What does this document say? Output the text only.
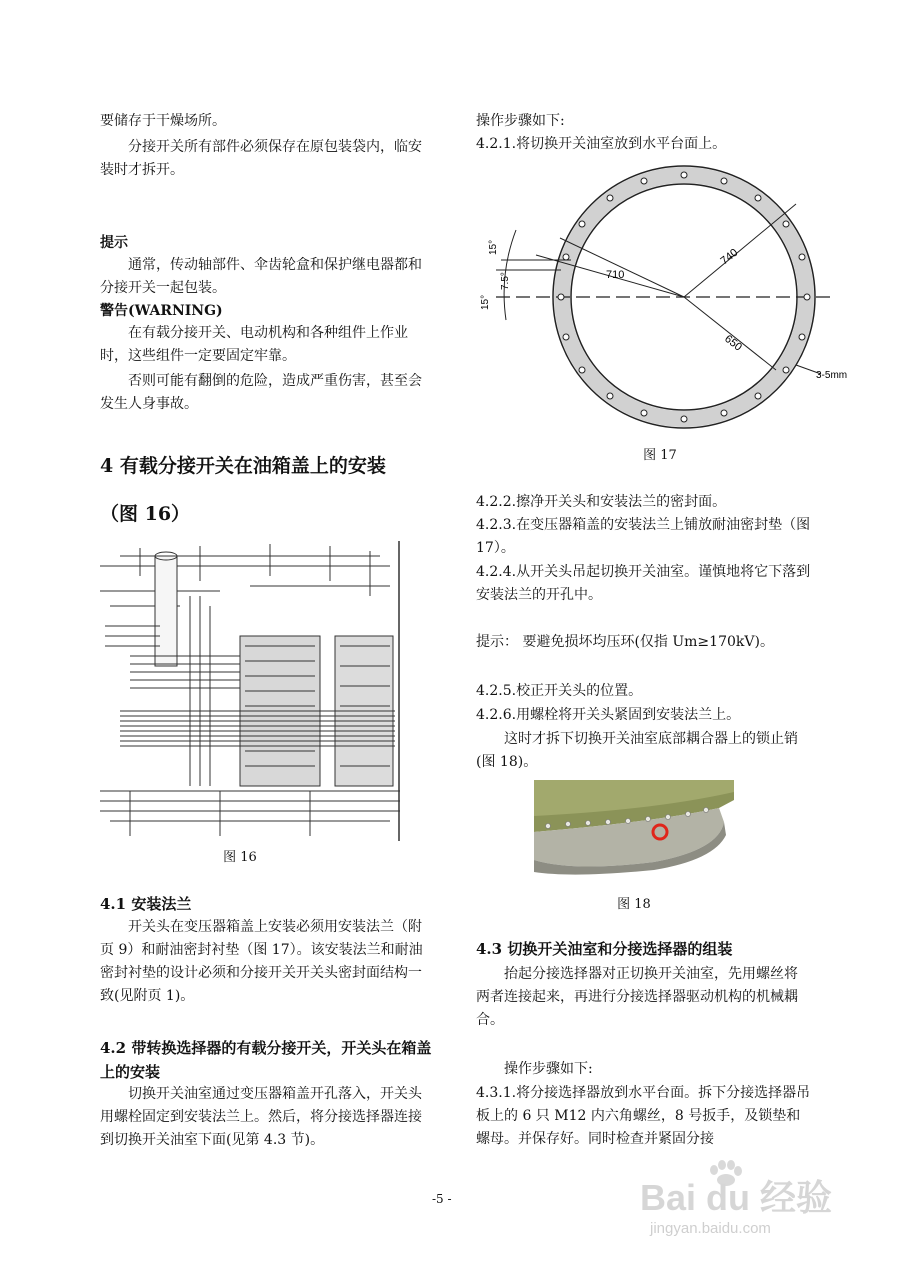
要储存于干燥场所。

分接开关所有部件必须保存在原包装袋内，临安装时才拆开。

提示

通常，传动轴部件、伞齿轮盒和保护继电器都和分接开关一起包装。

警告(WARNING)

在有载分接开关、电动机构和各种组件上作业时，这些组件一定要固定牢靠。

否则可能有翻倒的危险，造成严重伤害，甚至会发生人身事故。

4 有载分接开关在油箱盖上的安装

（图 16）

图 16

4.1 安装法兰

开关头在变压器箱盖上安装必须用安装法兰（附页 9）和耐油密封衬垫（图 17）。该安装法兰和耐油密封衬垫的设计必须和分接开关开关头密封面结构一致(见附页 1)。

4.2 带转换选择器的有载分接开关，开关头在箱盖上的安装

切换开关油室通过变压器箱盖开孔落入，开关头用螺栓固定到安装法兰上。然后，将分接选择器连接到切换开关油室下面(见第 4.3 节)。

操作步骤如下:

4.2.1.将切换开关油室放到水平台面上。

740
710
650
15°
7.5°
15°
3-5mm

图 17

4.2.2.擦净开关头和安装法兰的密封面。

4.2.3.在变压器箱盖的安装法兰上铺放耐油密封垫（图 17）。

4.2.4.从开关头吊起切换开关油室。谨慎地将它下落到安装法兰的开孔中。

提示： 要避免损坏均压环(仅指 Um≥170kV)。

4.2.5.校正开关头的位置。

4.2.6.用螺栓将开关头紧固到安装法兰上。

这时才拆下切换开关油室底部耦合器上的锁止销(图 18)。

图 18

4.3 切换开关油室和分接选择器的组装

抬起分接选择器对正切换开关油室，先用螺丝将两者连接起来，再进行分接选择器驱动机构的机械耦合。

操作步骤如下:

4.3.1.将分接选择器放到水平台面。拆下分接选择器吊板上的 6 只 M12 内六角螺丝，8 号扳手，及锁垫和螺母。并保存好。同时检查并紧固分接

-5 -	Bai du 经验
jingyan.baidu.com
